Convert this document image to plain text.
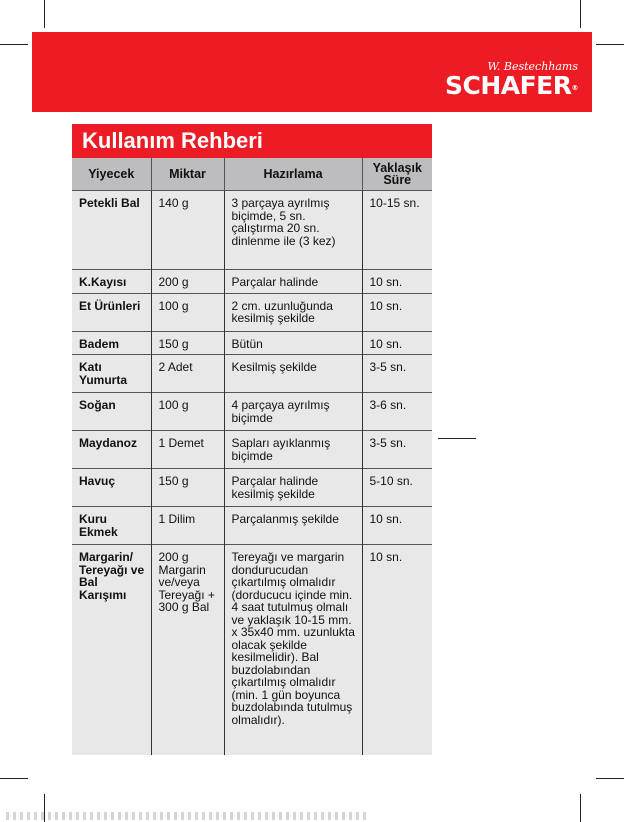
W. Bestechhams
SCHAFER®
Kullanım Rehberi
Yiyecek	Miktar	Hazırlama	Yaklaşık Süre
Petekli Bal	140 g	3 parçaya ayrılmış biçimde, 5 sn. çalıştırma 20 sn. dinlenme ile (3 kez)	10-15 sn.
K.Kayısı	200 g	Parçalar halinde	10 sn.
Et Ürünleri	100 g	2 cm. uzunluğunda kesilmiş şekilde	10 sn.
Badem	150 g	Bütün	10 sn.
Katı Yumurta	2 Adet	Kesilmiş şekilde	3-5 sn.
Soğan	100 g	4 parçaya ayrılmış biçimde	3-6 sn.
Maydanoz	1 Demet	Sapları ayıklanmış biçimde	3-5 sn.
Havuç	150 g	Parçalar halinde kesilmiş şekilde	5-10 sn.
Kuru Ekmek	1 Dilim	Parçalanmış şekilde	10 sn.
Margarin/ Tereyağı ve Bal Karışımı	200 g Margarin ve/veya Tereyağı + 300 g Bal	Tereyağı ve margarin dondurucudan çıkartılmış olmalıdır (dorducucu içinde min. 4 saat tutulmuş olmalı ve yaklaşık 10-15 mm. x 35x40 mm. uzunlukta olacak şekilde kesilmelidir). Bal buzdolabından çıkartılmış olmalıdır (min. 1 gün boyunca buzdolabında tutulmuş olmalıdır).	10 sn.
